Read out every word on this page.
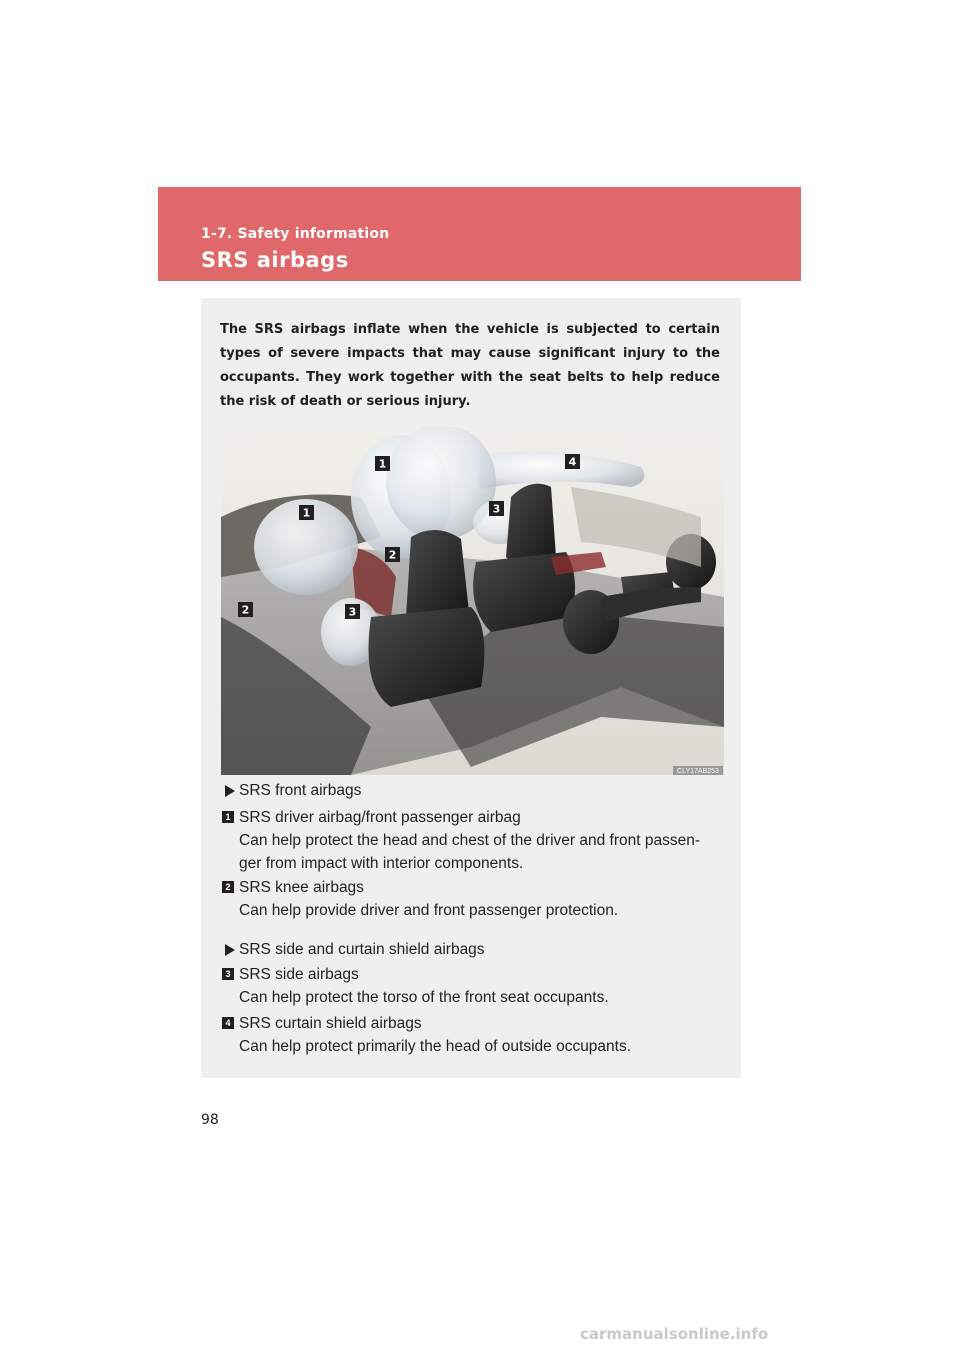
1-7. Safety information
SRS airbags

The SRS airbags inflate when the vehicle is subjected to certain types of severe impacts that may cause significant injury to the occupants. They work together with the seat belts to help reduce the risk of death or serious injury.

1	4
1	3
2
2	3
CLY17AB253
SRS front airbags
1 SRS driver airbag/front passenger airbag
Can help protect the head and chest of the driver and front passen-
ger from impact with interior components.
2 SRS knee airbags
Can help provide driver and front passenger protection.
SRS side and curtain shield airbags
3 SRS side airbags
Can help protect the torso of the front seat occupants.
4 SRS curtain shield airbags
Can help protect primarily the head of outside occupants.
98
carmanualsonline.info
